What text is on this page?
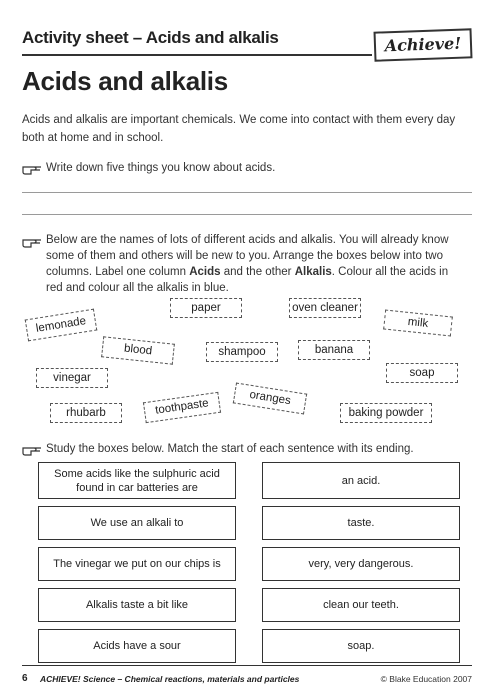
Activity sheet – Acids and alkalis	Achieve!
Acids and alkalis
Acids and alkalis are important chemicals. We come into contact with them every day both at home and in school.
Write down five things you know about acids.
Below are the names of lots of different acids and alkalis. You will already know some of them and others will be new to you. Arrange the boxes below into two columns. Label one column Acids and the other Alkalis. Colour all the acids in red and colour all the alkalis in blue.
paper	oven cleaner
lemonade	milk
blood	shampoo	banana
vinegar	soap
oranges
toothpaste
rhubarb	baking powder
Study the boxes below. Match the start of each sentence with its ending.
Some acids like the sulphuric acid found in car batteries are
We use an alkali to
The vinegar we put on our chips is
Alkalis taste a bit like
Acids have a sour
an acid.
taste.
very, very dangerous.
clean our teeth.
soap.
6 ACHIEVE! Science – Chemical reactions, materials and particles	© Blake Education 2007
